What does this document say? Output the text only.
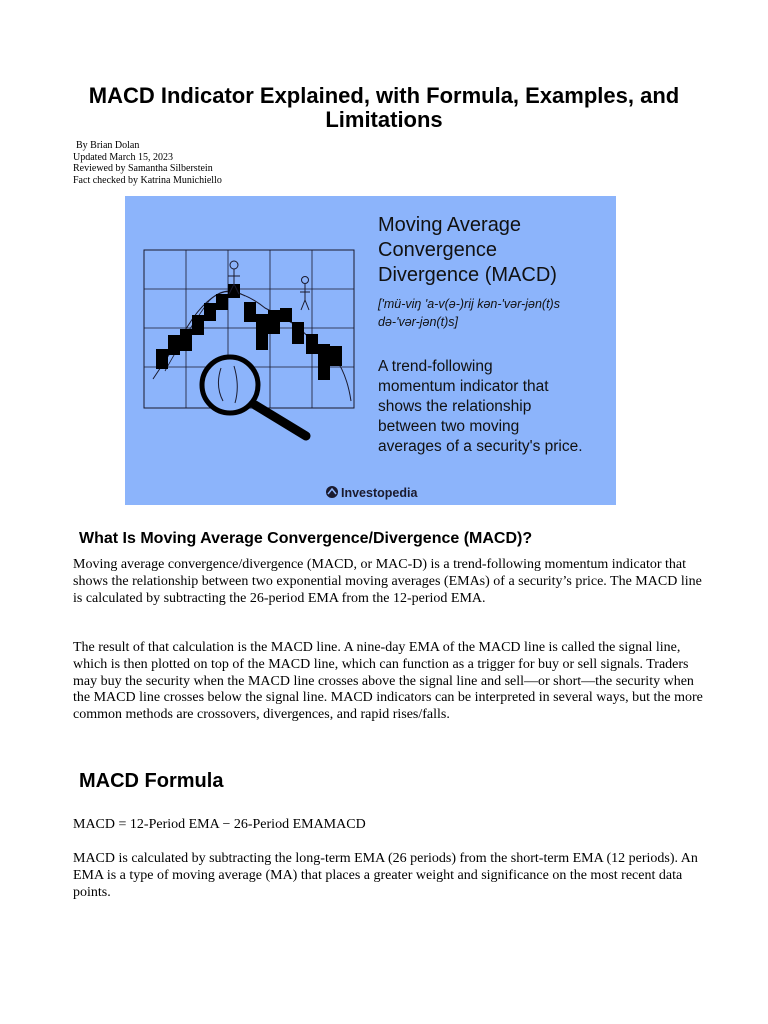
MACD Indicator Explained, with Formula, Examples, and Limitations
By Brian Dolan
Updated March 15, 2023
Reviewed by Samantha Silberstein
Fact checked by Katrina Munichiello
Moving Average
Convergence
Divergence (MACD)
['mü-viŋ 'a-v(ə-)rij kən-'vər-jən(t)s
də-'vər-jən(t)s]
A trend-following
momentum indicator that
shows the relationship
between two moving
averages of a security's price.
Investopedia
What Is Moving Average Convergence/Divergence (MACD)?

Moving average convergence/divergence (MACD, or MAC-D) is a trend-following momentum indicator that shows the relationship between two exponential moving averages (EMAs) of a security’s price. The MACD line is calculated by subtracting the 26-period EMA from the 12-period EMA.

The result of that calculation is the MACD line. A nine-day EMA of the MACD line is called the signal line, which is then plotted on top of the MACD line, which can function as a trigger for buy or sell signals. Traders may buy the security when the MACD line crosses above the signal line and sell—or short—the security when the MACD line crosses below the signal line. MACD indicators can be interpreted in several ways, but the more common methods are crossovers, divergences, and rapid rises/falls.

MACD Formula

MACD = 12-Period EMA − 26-Period EMAMACD

MACD is calculated by subtracting the long-term EMA (26 periods) from the short-term EMA (12 periods). An EMA is a type of moving average (MA) that places a greater weight and significance on the most recent data points.
